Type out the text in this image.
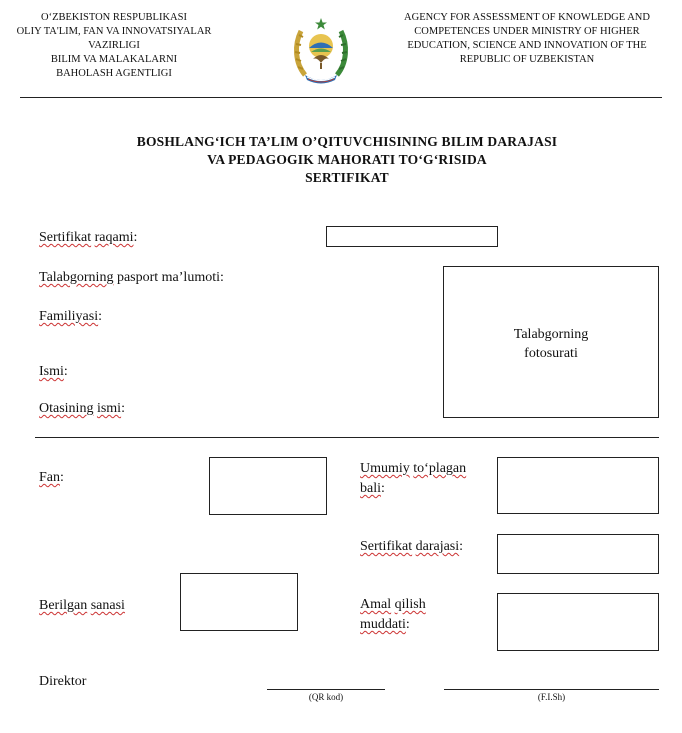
O‘ZBEKISTON RESPUBLIKASI
OLIY TA'LIM, FAN VA INNOVATSIYALAR
VAZIRLIGI
BILIM VA MALAKALARNI
BAHOLASH AGENTLIGI
AGENCY FOR ASSESSMENT OF KNOWLEDGE AND
COMPETENCES UNDER MINISTRY OF HIGHER
EDUCATION, SCIENCE AND INNOVATION OF THE
REPUBLIC OF UZBEKISTAN
BOSHLANG‘ICH TA’LIM O’QITUVCHISINING BILIM DARAJASI
VA PEDAGOGIK MAHORATI TO‘G‘RISIDA
SERTIFIKAT
Sertifikat raqami:
Talabgorning pasport ma’lumoti:
Talabgorning
fotosurati
Familiyasi:
Ismi:
Otasining ismi:
Fan:
Umumiy to‘plagan
bali:
Sertifikat darajasi:
Berilgan sanasi	Amal qilish
muddati:
Direktor
(QR kod)	(F.I.Sh)
